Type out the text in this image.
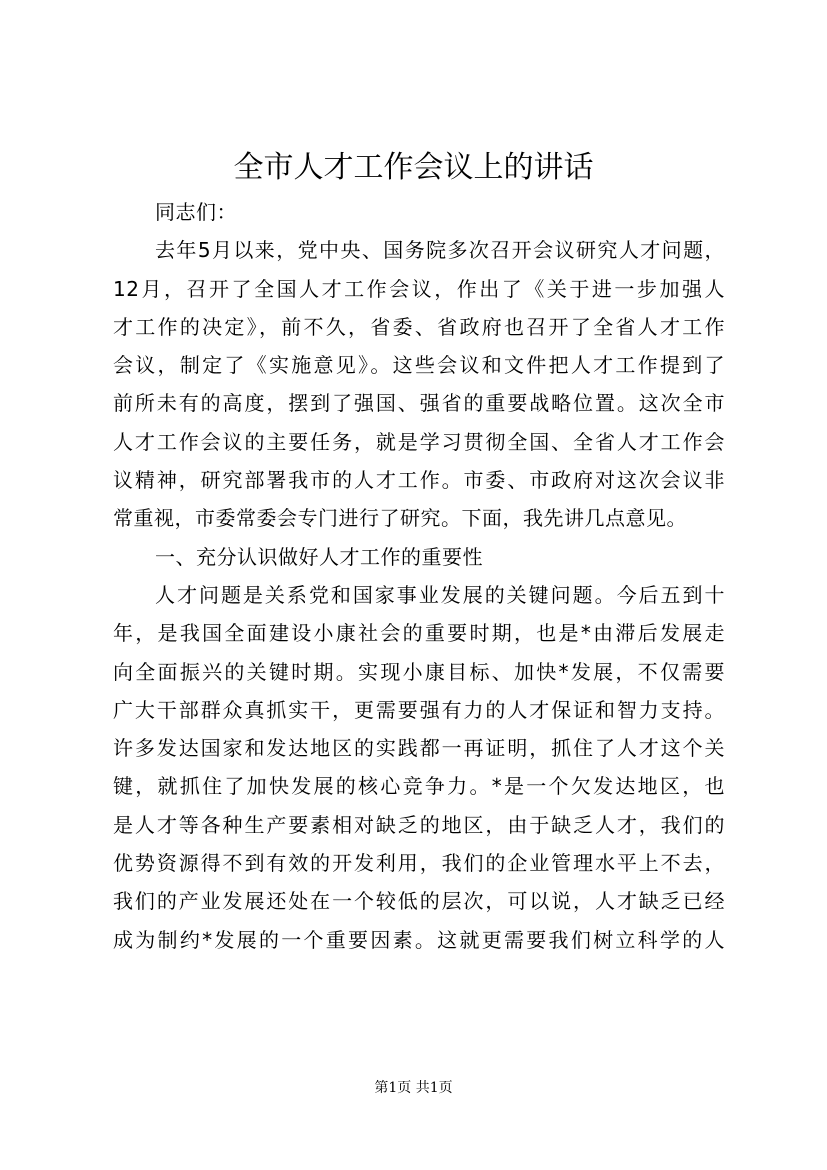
全市人才工作会议上的讲话
同志们：
去年5月以来，党中央、国务院多次召开会议研究人才问题，
12月，召开了全国人才工作会议，作出了《关于进一步加强人
才工作的决定》，前不久，省委、省政府也召开了全省人才工作
会议，制定了《实施意见》。这些会议和文件把人才工作提到了
前所未有的高度，摆到了强国、强省的重要战略位置。这次全市
人才工作会议的主要任务，就是学习贯彻全国、全省人才工作会
议精神，研究部署我市的人才工作。市委、市政府对这次会议非
常重视，市委常委会专门进行了研究。下面，我先讲几点意见。
一、充分认识做好人才工作的重要性
人才问题是关系党和国家事业发展的关键问题。今后五到十
年，是我国全面建设小康社会的重要时期，也是*由滞后发展走
向全面振兴的关键时期。实现小康目标、加快*发展，不仅需要
广大干部群众真抓实干，更需要强有力的人才保证和智力支持。
许多发达国家和发达地区的实践都一再证明，抓住了人才这个关
键，就抓住了加快发展的核心竞争力。*是一个欠发达地区，也
是人才等各种生产要素相对缺乏的地区，由于缺乏人才，我们的
优势资源得不到有效的开发利用，我们的企业管理水平上不去，
我们的产业发展还处在一个较低的层次，可以说，人才缺乏已经
成为制约*发展的一个重要因素。这就更需要我们树立科学的人
第1页 共1页
